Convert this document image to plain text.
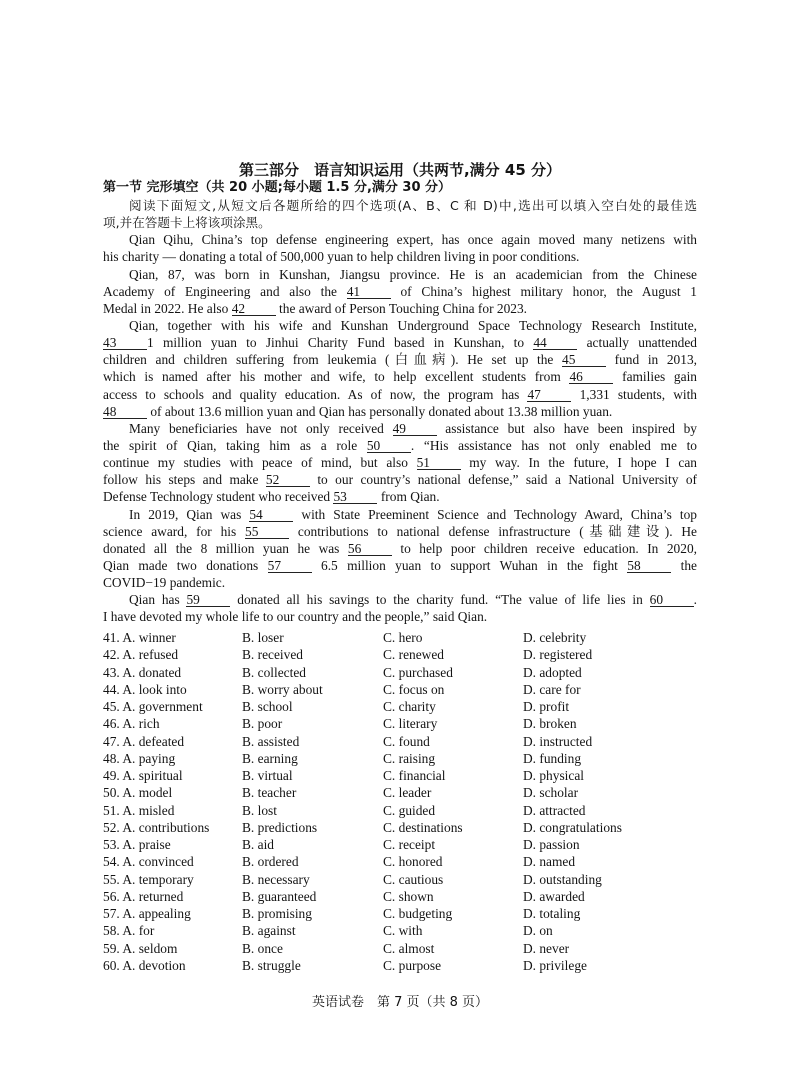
第三部分　语言知识运用（共两节,满分 45 分）
第一节 完形填空（共 20 小题;每小题 1.5 分,满分 30 分）
阅读下面短文,从短文后各题所给的四个选项(A、B、C 和 D)中,选出可以填入空白处的最佳选
项,并在答题卡上将该项涂黑。
Qian Qihu, China’s top defense engineering expert, has once again moved many netizens with
his charity — donating a total of 500,000 yuan to help children living in poor conditions.
Qian, 87, was born in Kunshan, Jiangsu province. He is an academician from the Chinese
Academy of Engineering and also the 41 of China’s highest military honor, the August 1
Medal in 2022. He also 42 the award of Person Touching China for 2023.
Qian, together with his wife and Kunshan Underground Space Technology Research Institute,
43 1 million yuan to Jinhui Charity Fund based in Kunshan, to 44 actually unattended
children and children suffering from leukemia (白血病). He set up the 45 fund in 2013,
which is named after his mother and wife, to help excellent students from 46 families gain
access to schools and quality education. As of now, the program has 47 1,331 students, with
48 of about 13.6 million yuan and Qian has personally donated about 13.38 million yuan.
Many beneficiaries have not only received 49 assistance but also have been inspired by
the spirit of Qian, taking him as a role 50 . “His assistance has not only enabled me to
continue my studies with peace of mind, but also 51 my way. In the future, I hope I can
follow his steps and make 52 to our country’s national defense,” said a National University of
Defense Technology student who received 53 from Qian.
In 2019, Qian was 54 with State Preeminent Science and Technology Award, China’s top
science award, for his 55 contributions to national defense infrastructure (基础建设). He
donated all the 8 million yuan he was 56 to help poor children receive education. In 2020,
Qian made two donations 57 6.5 million yuan to support Wuhan in the fight 58 the
COVID−19 pandemic.
Qian has 59 donated all his savings to the charity fund. “The value of life lies in 60 .
I have devoted my whole life to our country and the people,” said Qian.
41. A. winner	B. loser	C. hero	D. celebrity
42. A. refused	B. received	C. renewed	D. registered
43. A. donated	B. collected	C. purchased	D. adopted
44. A. look into	B. worry about	C. focus on	D. care for
45. A. government	B. school	C. charity	D. profit
46. A. rich	B. poor	C. literary	D. broken
47. A. defeated	B. assisted	C. found	D. instructed
48. A. paying	B. earning	C. raising	D. funding
49. A. spiritual	B. virtual	C. financial	D. physical
50. A. model	B. teacher	C. leader	D. scholar
51. A. misled	B. lost	C. guided	D. attracted
52. A. contributions	B. predictions	C. destinations	D. congratulations
53. A. praise	B. aid	C. receipt	D. passion
54. A. convinced	B. ordered	C. honored	D. named
55. A. temporary	B. necessary	C. cautious	D. outstanding
56. A. returned	B. guaranteed	C. shown	D. awarded
57. A. appealing	B. promising	C. budgeting	D. totaling
58. A. for	B. against	C. with	D. on
59. A. seldom	B. once	C. almost	D. never
60. A. devotion	B. struggle	C. purpose	D. privilege
英语试卷　第 7 页（共 8 页）
